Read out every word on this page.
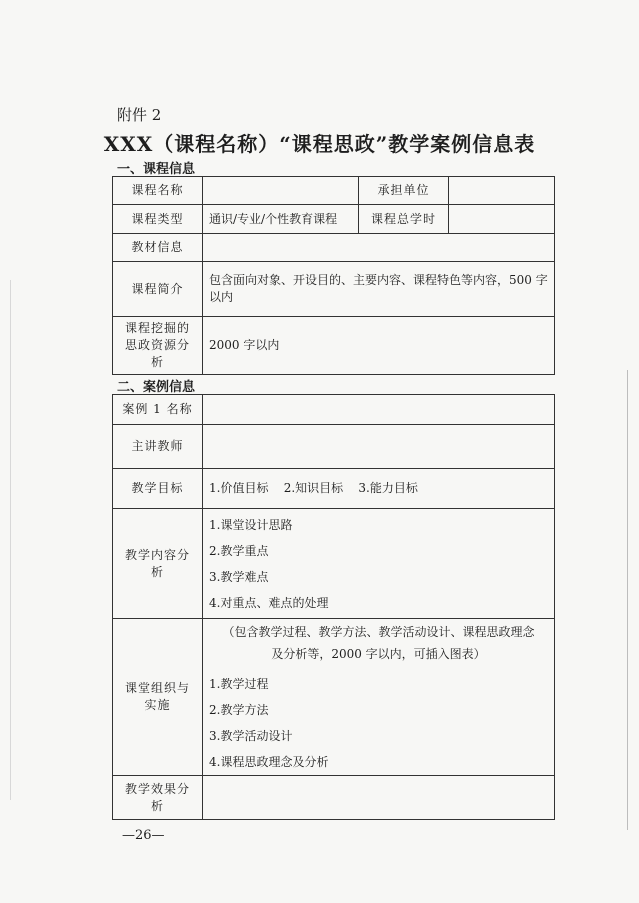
附件 2
XXX（课程名称）“课程思政”教学案例信息表
一、课程信息
课程名称		承担单位	
课程类型	通识/专业/个性教育课程	课程总学时	
教材信息			
课程简介	包含面向对象、开设目的、主要内容、课程特色等内容，500 字以内		
课程挖掘的思政资源分析	2000 字以内		
二、案例信息
案例 1 名称	
主讲教师	
教学目标	1.价值目标    2.知识目标    3.能力目标
教学内容分析	1.课堂设计思路
2.教学重点
3.教学难点
4.对重点、难点的处理

课堂组织与实施	（包含教学过程、教学方法、教学活动设计、课程思政理念及分析等，2000 字以内，可插入图表）
1.教学过程
2.教学方法
3.教学活动设计
4.课程思政理念及分析

教学效果分析	
—26—
